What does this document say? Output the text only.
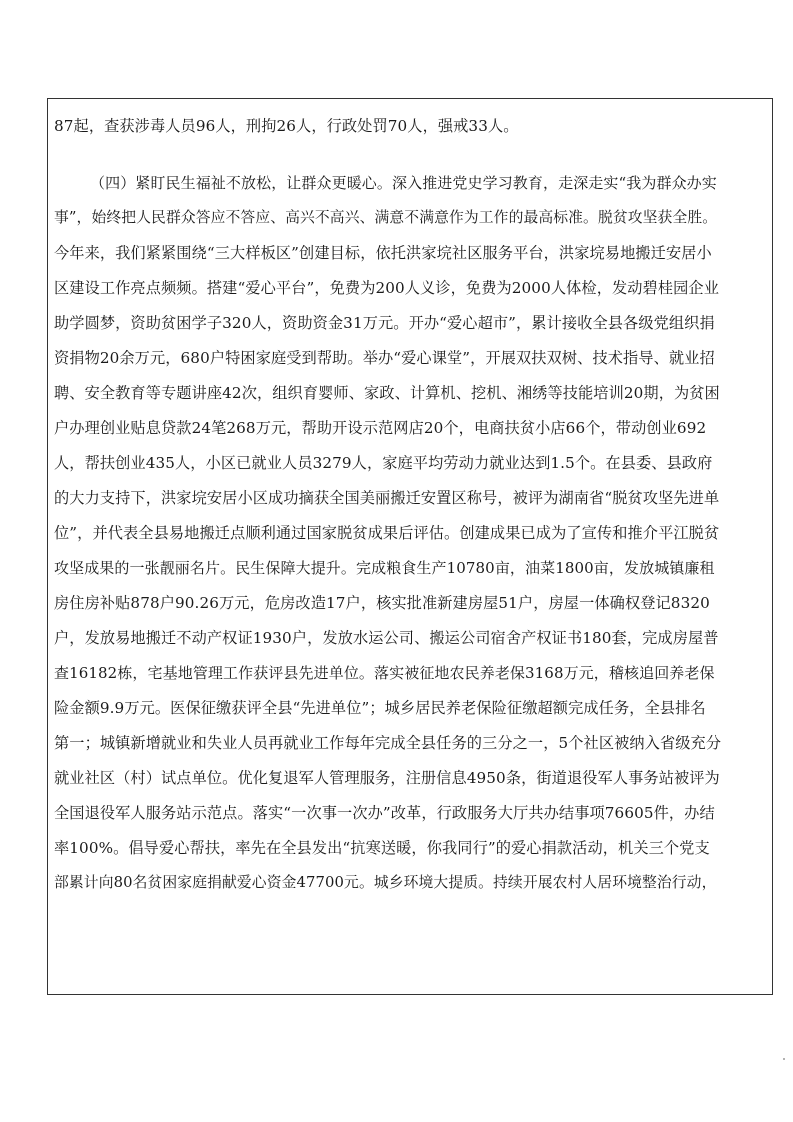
87起，查获涉毒人员96人，刑拘26人，行政处罚70人，强戒33人。
（四）紧盯民生福祉不放松，让群众更暖心。深入推进党史学习教育，走深走实“我为群众办实
事”，始终把人民群众答应不答应、高兴不高兴、满意不满意作为工作的最高标准。脱贫攻坚获全胜。
今年来，我们紧紧围绕“三大样板区”创建目标，依托洪家垸社区服务平台，洪家垸易地搬迁安居小
区建设工作亮点频频。搭建“爱心平台”，免费为200人义诊，免费为2000人体检，发动碧桂园企业
助学圆梦，资助贫困学子320人，资助资金31万元。开办“爱心超市”，累计接收全县各级党组织捐
资捐物20余万元，680户特困家庭受到帮助。举办“爱心课堂”，开展双扶双树、技术指导、就业招
聘、安全教育等专题讲座42次，组织育婴师、家政、计算机、挖机、湘绣等技能培训20期，为贫困
户办理创业贴息贷款24笔268万元，帮助开设示范网店20个，电商扶贫小店66个，带动创业692
人，帮扶创业435人，小区已就业人员3279人，家庭平均劳动力就业达到1.5个。在县委、县政府
的大力支持下，洪家垸安居小区成功摘获全国美丽搬迁安置区称号，被评为湖南省“脱贫攻坚先进单
位”，并代表全县易地搬迁点顺利通过国家脱贫成果后评估。创建成果已成为了宣传和推介平江脱贫
攻坚成果的一张靓丽名片。民生保障大提升。完成粮食生产10780亩，油菜1800亩，发放城镇廉租
房住房补贴878户90.26万元，危房改造17户，核实批准新建房屋51户，房屋一体确权登记8320
户，发放易地搬迁不动产权证1930户，发放水运公司、搬运公司宿舍产权证书180套，完成房屋普
查16182栋，宅基地管理工作获评县先进单位。落实被征地农民养老保3168万元，稽核追回养老保
险金额9.9万元。医保征缴获评全县“先进单位”；城乡居民养老保险征缴超额完成任务，全县排名
第一；城镇新增就业和失业人员再就业工作每年完成全县任务的三分之一，5个社区被纳入省级充分
就业社区（村）试点单位。优化复退军人管理服务，注册信息4950条，街道退役军人事务站被评为
全国退役军人服务站示范点。落实“一次事一次办”改革，行政服务大厅共办结事项76605件，办结
率100%。倡导爱心帮扶，率先在全县发出“抗寒送暖，你我同行”的爱心捐款活动，机关三个党支
部累计向80名贫困家庭捐献爱心资金47700元。城乡环境大提质。持续开展农村人居环境整治行动，
